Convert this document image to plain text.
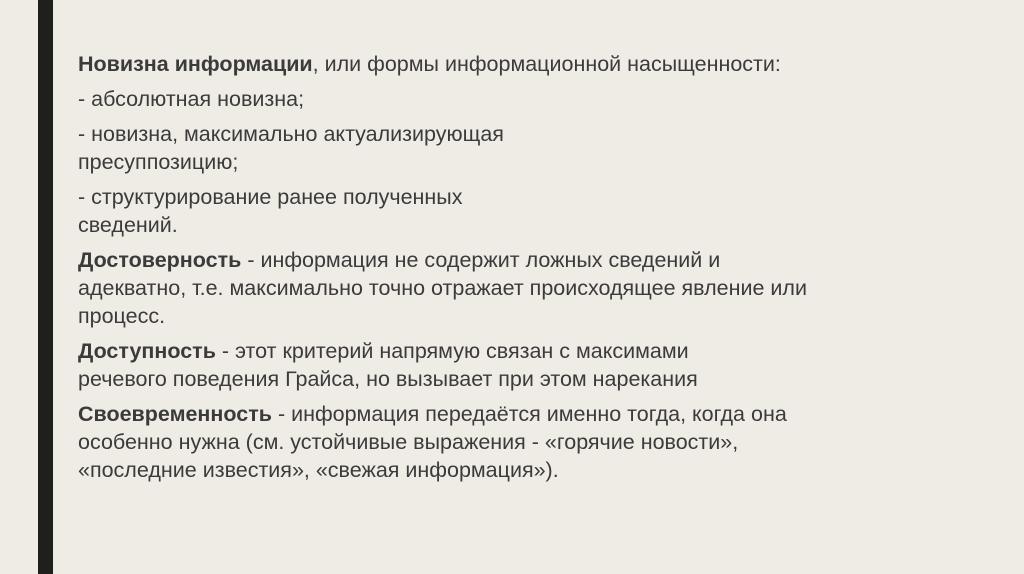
Новизна информации, или формы информационной насыщенности:

- абсолютная новизна;

- новизна, максимально актуализирующая
пресуппозицию;

- структурирование ранее полученных
сведений.

Достоверность - информация не содержит ложных сведений и
адекватно, т.е. максимально точно отражает происходящее явление или
процесс.

Доступность - этот критерий напрямую связан с максимами
речевого поведения Грайса, но вызывает при этом нарекания

Своевременность - информация передаётся именно тогда, когда она
особенно нужна (см. устойчивые выражения - «горячие новости»,
«последние известия», «свежая информация»).
